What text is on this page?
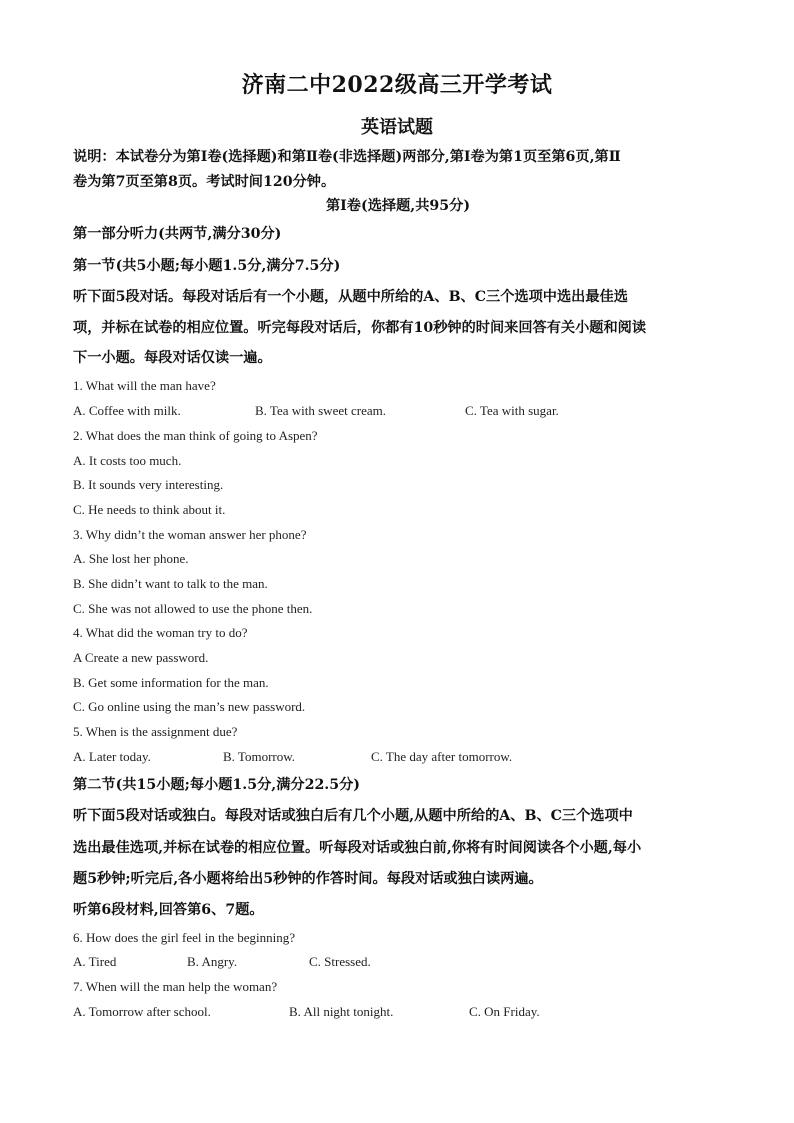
济南二中2022级高三开学考试
英语试题
说明：本试卷分为第Ⅰ卷(选择题)和第Ⅱ卷(非选择题)两部分,第Ⅰ卷为第1页至第6页,第Ⅱ
卷为第7页至第8页。考试时间120分钟。
第Ⅰ卷(选择题,共95分)
第一部分听力(共两节,满分30分)
第一节(共5小题;每小题1.5分,满分7.5分)
听下面5段对话。每段对话后有一个小题，从题中所给的A、B、C三个选项中选出最佳选
项，并标在试卷的相应位置。听完每段对话后，你都有10秒钟的时间来回答有关小题和阅读
下一小题。每段对话仅读一遍。
1. What will the man have?
A. Coffee with milk.	B. Tea with sweet cream.	C. Tea with sugar.
2. What does the man think of going to Aspen?
A. It costs too much.
B. It sounds very interesting.
C. He needs to think about it.
3. Why didn’t the woman answer her phone?
A. She lost her phone.
B. She didn’t want to talk to the man.
C. She was not allowed to use the phone then.
4. What did the woman try to do?
A Create a new password.
B. Get some information for the man.
C. Go online using the man’s new password.
5. When is the assignment due?
A. Later today.	B. Tomorrow.	C. The day after tomorrow.
第二节(共15小题;每小题1.5分,满分22.5分)
听下面5段对话或独白。每段对话或独白后有几个小题,从题中所给的A、B、C三个选项中
选出最佳选项,并标在试卷的相应位置。听每段对话或独白前,你将有时间阅读各个小题,每小
题5秒钟;听完后,各小题将给出5秒钟的作答时间。每段对话或独白读两遍。
听第6段材料,回答第6、7题。
6. How does the girl feel in the beginning?
A. Tired	B. Angry.	C. Stressed.
7. When will the man help the woman?
A. Tomorrow after school.	B. All night tonight.	C. On Friday.
